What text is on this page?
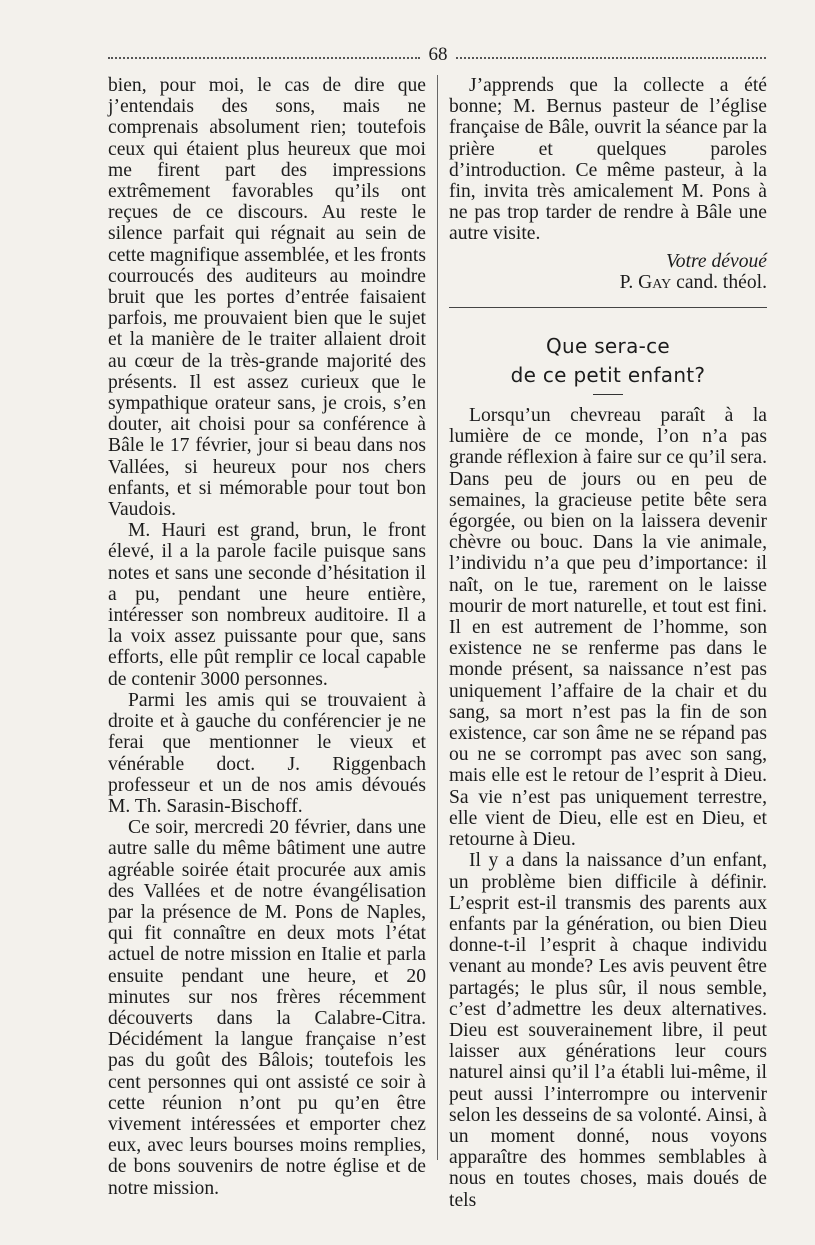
68

bien, pour moi, le cas de dire que j’entendais des sons, mais ne comprenais absolument rien; toutefois ceux qui étaient plus heureux que moi me firent part des impressions extrêmement favorables qu’ils ont reçues de ce discours. Au reste le silence parfait qui régnait au sein de cette magnifique assemblée, et les fronts courroucés des auditeurs au moindre bruit que les portes d’entrée faisaient parfois, me prouvaient bien que le sujet et la manière de le traiter allaient droit au cœur de la très-grande majorité des présents. Il est assez curieux que le sympathique orateur sans, je crois, s’en douter, ait choisi pour sa conférence à Bâle le 17 février, jour si beau dans nos Vallées, si heureux pour nos chers enfants, et si mémorable pour tout bon Vaudois.

M. Hauri est grand, brun, le front élevé, il a la parole facile puisque sans notes et sans une seconde d’hésitation il a pu, pendant une heure entière, intéresser son nombreux auditoire. Il a la voix assez puissante pour que, sans efforts, elle pût remplir ce local capable de contenir 3000 personnes.

Parmi les amis qui se trouvaient à droite et à gauche du conférencier je ne ferai que mentionner le vieux et vénérable doct. J. Riggenbach professeur et un de nos amis dévoués M. Th. Sarasin-Bischoff.

Ce soir, mercredi 20 février, dans une autre salle du même bâtiment une autre agréable soirée était procurée aux amis des Vallées et de notre évangélisation par la présence de M. Pons de Naples, qui fit connaître en deux mots l’état actuel de notre mission en Italie et parla ensuite pendant une heure, et 20 minutes sur nos frères récemment découverts dans la Calabre-Citra. Décidément la langue française n’est pas du goût des Bâlois; toutefois les cent personnes qui ont assisté ce soir à cette réunion n’ont pu qu’en être vivement intéressées et emporter chez eux, avec leurs bourses moins remplies, de bons souvenirs de notre église et de notre mission.

J’apprends que la collecte a été bonne; M. Bernus pasteur de l’église française de Bâle, ouvrit la séance par la prière et quelques paroles d’introduction. Ce même pasteur, à la fin, invita très amicalement M. Pons à ne pas trop tarder de rendre à Bâle une autre visite.

Votre dévoué

P. Gay cand. théol.

Que sera-ce
de ce petit enfant?

Lorsqu’un chevreau paraît à la lumière de ce monde, l’on n’a pas grande réflexion à faire sur ce qu’il sera. Dans peu de jours ou en peu de semaines, la gracieuse petite bête sera égorgée, ou bien on la laissera devenir chèvre ou bouc. Dans la vie animale, l’individu n’a que peu d’importance: il naît, on le tue, rarement on le laisse mourir de mort naturelle, et tout est fini. Il en est autrement de l’homme, son existence ne se renferme pas dans le monde présent, sa naissance n’est pas uniquement l’affaire de la chair et du sang, sa mort n’est pas la fin de son existence, car son âme ne se répand pas ou ne se corrompt pas avec son sang, mais elle est le retour de l’esprit à Dieu. Sa vie n’est pas uniquement terrestre, elle vient de Dieu, elle est en Dieu, et retourne à Dieu.

Il y a dans la naissance d’un enfant, un problème bien difficile à définir. L’esprit est-il transmis des parents aux enfants par la génération, ou bien Dieu donne-t-il l’esprit à chaque individu venant au monde? Les avis peuvent être partagés; le plus sûr, il nous semble, c’est d’admettre les deux alternatives. Dieu est souverainement libre, il peut laisser aux générations leur cours naturel ainsi qu’il l’a établi lui-même, il peut aussi l’interrompre ou intervenir selon les desseins de sa volonté. Ainsi, à un moment donné, nous voyons apparaître des hommes semblables à nous en toutes choses, mais doués de tels
